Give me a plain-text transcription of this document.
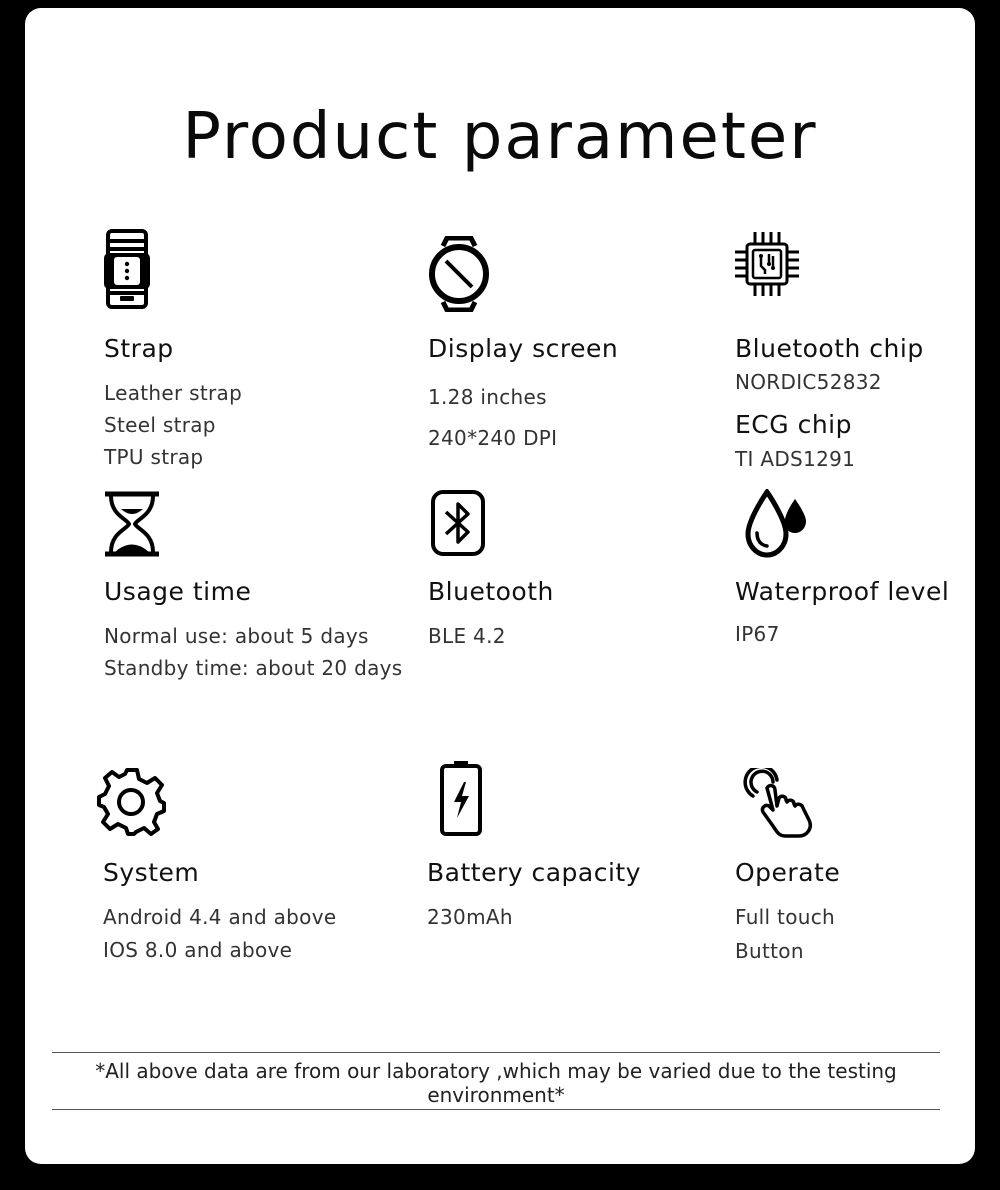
Product parameter
Strap
Leather strap
Steel strap
TPU strap
Display screen
1.28 inches
240*240 DPI
Bluetooth chip
NORDIC52832
ECG chip
TI ADS1291
Usage time
Normal use: about 5 days
Standby time: about 20 days
Bluetooth
BLE 4.2
Waterproof level
IP67
System
Android 4.4 and above
IOS 8.0 and above
Battery capacity
230mAh
Operate
Full touch
Button
*All above data are from our laboratory ,which may be varied due to the testing environment*
